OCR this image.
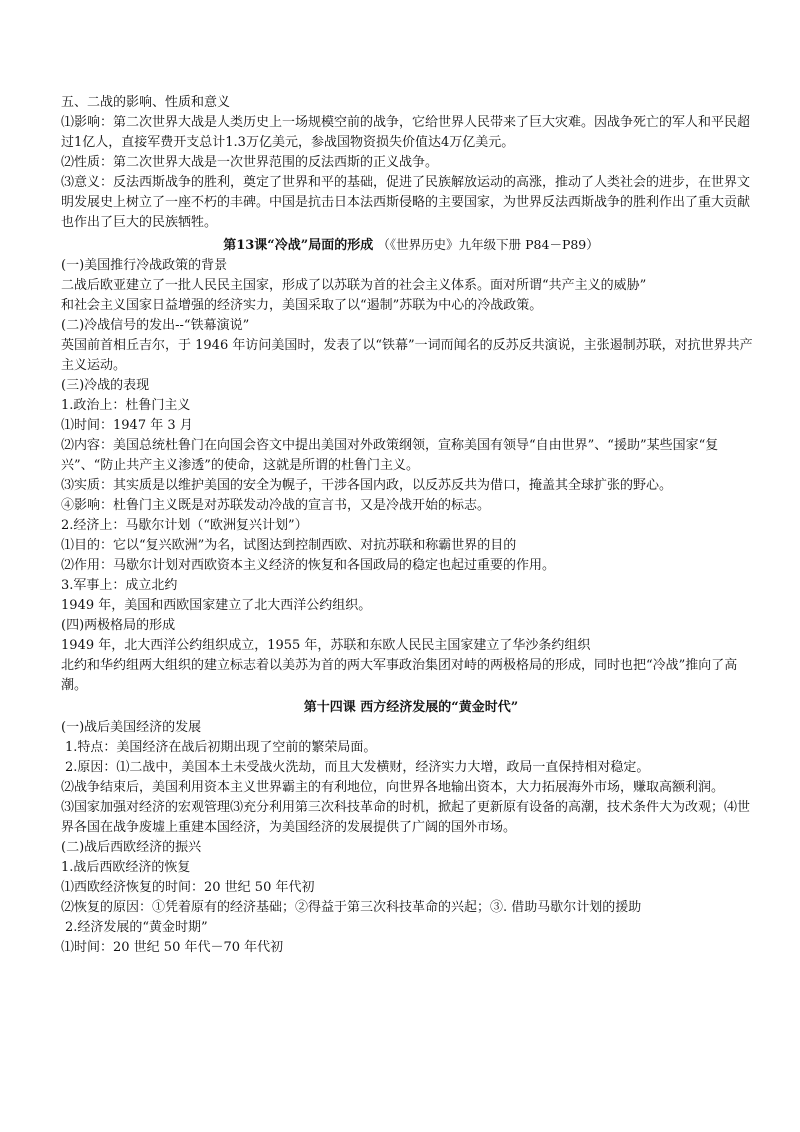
五、二战的影响、性质和意义
⑴影响：第二次世界大战是人类历史上一场规模空前的战争，它给世界人民带来了巨大灾难。因战争死亡的军人和平民超过1亿人，直接军费开支总计1.3万亿美元，参战国物资损失价值达4万亿美元。
⑵性质：第二次世界大战是一次世界范围的反法西斯的正义战争。
⑶意义：反法西斯战争的胜利，奠定了世界和平的基础，促进了民族解放运动的高涨，推动了人类社会的进步，在世界文明发展史上树立了一座不朽的丰碑。中国是抗击日本法西斯侵略的主要国家，为世界反法西斯战争的胜利作出了重大贡献也作出了巨大的民族牺牲。
第13课“冷战”局面的形成 （《世界历史》九年级下册 P84－P89）
(一)美国推行冷战政策的背景
二战后欧亚建立了一批人民民主国家，形成了以苏联为首的社会主义体系。面对所谓“共产主义的威胁”
和社会主义国家日益增强的经济实力，美国采取了以“遏制”苏联为中心的冷战政策。
(二)冷战信号的发出--“铁幕演说”
英国前首相丘吉尔，于 1946 年访问美国时，发表了以“铁幕”一词而闻名的反苏反共演说，主张遏制苏联，对抗世界共产主义运动。
(三)冷战的表现
1.政治上：杜鲁门主义
⑴时间：1947 年 3 月
⑵内容：美国总统杜鲁门在向国会咨文中提出美国对外政策纲领，宣称美国有领导“自由世界”、“援助”某些国家“复兴”、“防止共产主义渗透”的使命，这就是所谓的杜鲁门主义。
⑶实质：其实质是以维护美国的安全为幌子，干涉各国内政，以反苏反共为借口，掩盖其全球扩张的野心。
④影响：杜鲁门主义既是对苏联发动冷战的宣言书，又是冷战开始的标志。
2.经济上：马歇尔计划（“欧洲复兴计划”）
⑴目的：它以“复兴欧洲”为名，试图达到控制西欧、对抗苏联和称霸世界的目的
⑵作用：马歇尔计划对西欧资本主义经济的恢复和各国政局的稳定也起过重要的作用。
3.军事上：成立北约
1949 年，美国和西欧国家建立了北大西洋公约组织。
(四)两极格局的形成
1949 年，北大西洋公约组织成立，1955 年，苏联和东欧人民民主国家建立了华沙条约组织
北约和华约组两大组织的建立标志着以美苏为首的两大军事政治集团对峙的两极格局的形成，同时也把“冷战”推向了高潮。
第十四课 西方经济发展的“黄金时代”
(一)战后美国经济的发展
1.特点：美国经济在战后初期出现了空前的繁荣局面。
2.原因：⑴二战中，美国本土未受战火洗劫，而且大发横财，经济实力大增，政局一直保持相对稳定。
⑵战争结束后，美国利用资本主义世界霸主的有利地位，向世界各地输出资本，大力拓展海外市场，赚取高额利润。
⑶国家加强对经济的宏观管理⑶充分利用第三次科技革命的时机，掀起了更新原有设备的高潮，技术条件大为改观；⑷世界各国在战争废墟上重建本国经济，为美国经济的发展提供了广阔的国外市场。
(二)战后西欧经济的振兴
1.战后西欧经济的恢复
⑴西欧经济恢复的时间：20 世纪 50 年代初
⑵恢复的原因：①凭着原有的经济基础；②得益于第三次科技革命的兴起；③. 借助马歇尔计划的援助
2.经济发展的“黄金时期”
⑴时间：20 世纪 50 年代－70 年代初
